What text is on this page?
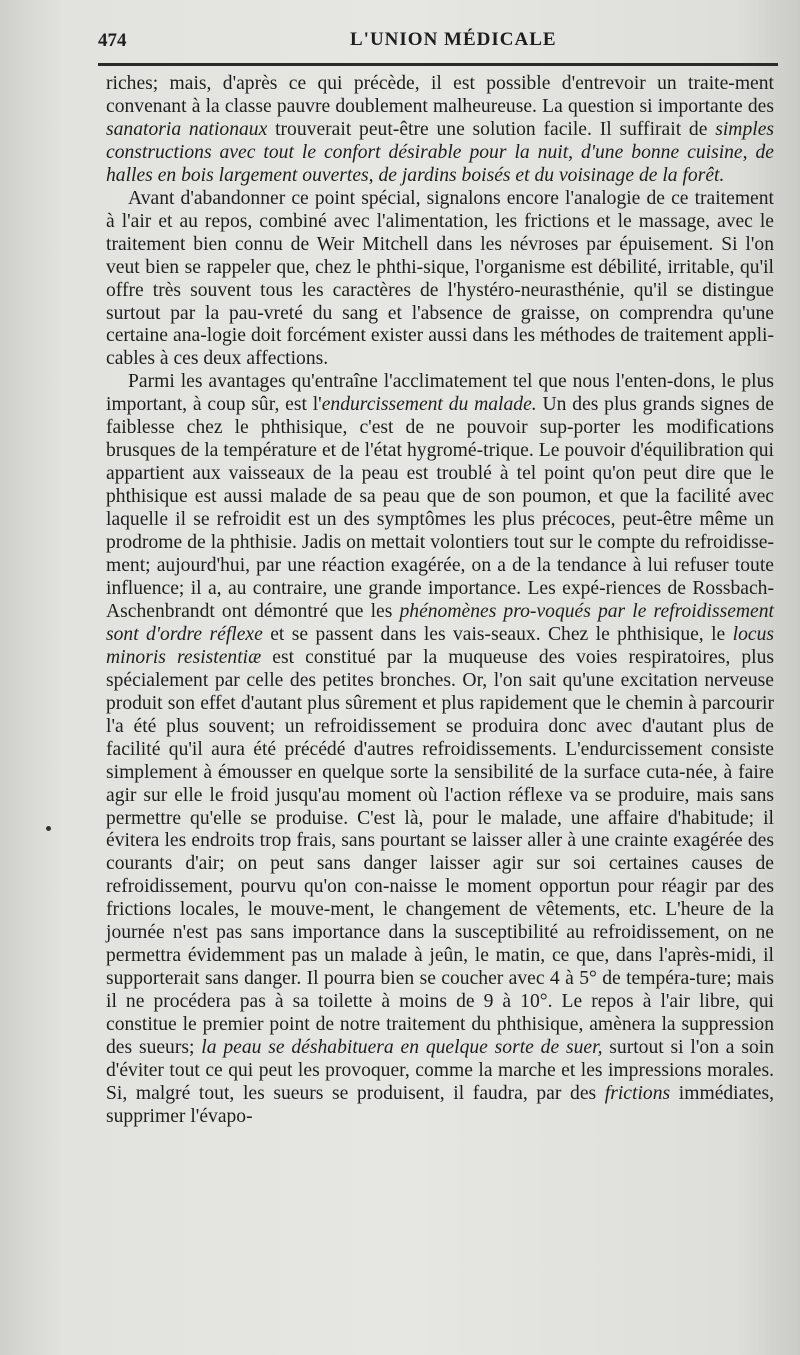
474	L'UNION MÉDICALE

riches; mais, d'après ce qui précède, il est possible d'entrevoir un traite-ment convenant à la classe pauvre doublement malheureuse. La question si importante des sanatoria nationaux trouverait peut-être une solution facile. Il suffirait de simples constructions avec tout le confort désirable pour la nuit, d'une bonne cuisine, de halles en bois largement ouvertes, de jardins boisés et du voisinage de la forêt.

Avant d'abandonner ce point spécial, signalons encore l'analogie de ce traitement à l'air et au repos, combiné avec l'alimentation, les frictions et le massage, avec le traitement bien connu de Weir Mitchell dans les névroses par épuisement. Si l'on veut bien se rappeler que, chez le phthi-sique, l'organisme est débilité, irritable, qu'il offre très souvent tous les caractères de l'hystéro-neurasthénie, qu'il se distingue surtout par la pau-vreté du sang et l'absence de graisse, on comprendra qu'une certaine ana-logie doit forcément exister aussi dans les méthodes de traitement appli-cables à ces deux affections.

Parmi les avantages qu'entraîne l'acclimatement tel que nous l'enten-dons, le plus important, à coup sûr, est l'endurcissement du malade. Un des plus grands signes de faiblesse chez le phthisique, c'est de ne pouvoir sup-porter les modifications brusques de la température et de l'état hygromé-trique. Le pouvoir d'équilibration qui appartient aux vaisseaux de la peau est troublé à tel point qu'on peut dire que le phthisique est aussi malade de sa peau que de son poumon, et que la facilité avec laquelle il se refroidit est un des symptômes les plus précoces, peut-être même un prodrome de la phthisie. Jadis on mettait volontiers tout sur le compte du refroidisse-ment; aujourd'hui, par une réaction exagérée, on a de la tendance à lui refuser toute influence; il a, au contraire, une grande importance. Les expé-riences de Rossbach-Aschenbrandt ont démontré que les phénomènes pro-voqués par le refroidissement sont d'ordre réflexe et se passent dans les vais-seaux. Chez le phthisique, le locus minoris resistentiæ est constitué par la muqueuse des voies respiratoires, plus spécialement par celle des petites bronches. Or, l'on sait qu'une excitation nerveuse produit son effet d'autant plus sûrement et plus rapidement que le chemin à parcourir l'a été plus souvent; un refroidissement se produira donc avec d'autant plus de facilité qu'il aura été précédé d'autres refroidissements. L'endurcissement consiste simplement à émousser en quelque sorte la sensibilité de la surface cuta-née, à faire agir sur elle le froid jusqu'au moment où l'action réflexe va se produire, mais sans permettre qu'elle se produise. C'est là, pour le malade, une affaire d'habitude; il évitera les endroits trop frais, sans pourtant se laisser aller à une crainte exagérée des courants d'air; on peut sans danger laisser agir sur soi certaines causes de refroidissement, pourvu qu'on con-naisse le moment opportun pour réagir par des frictions locales, le mouve-ment, le changement de vêtements, etc. L'heure de la journée n'est pas sans importance dans la susceptibilité au refroidissement, on ne permettra évidemment pas un malade à jeûn, le matin, ce que, dans l'après-midi, il supporterait sans danger. Il pourra bien se coucher avec 4 à 5° de tempéra-ture; mais il ne procédera pas à sa toilette à moins de 9 à 10°. Le repos à l'air libre, qui constitue le premier point de notre traitement du phthisique, amènera la suppression des sueurs; la peau se déshabituera en quelque sorte de suer, surtout si l'on a soin d'éviter tout ce qui peut les provoquer, comme la marche et les impressions morales. Si, malgré tout, les sueurs se produisent, il faudra, par des frictions immédiates, supprimer l'évapo-
